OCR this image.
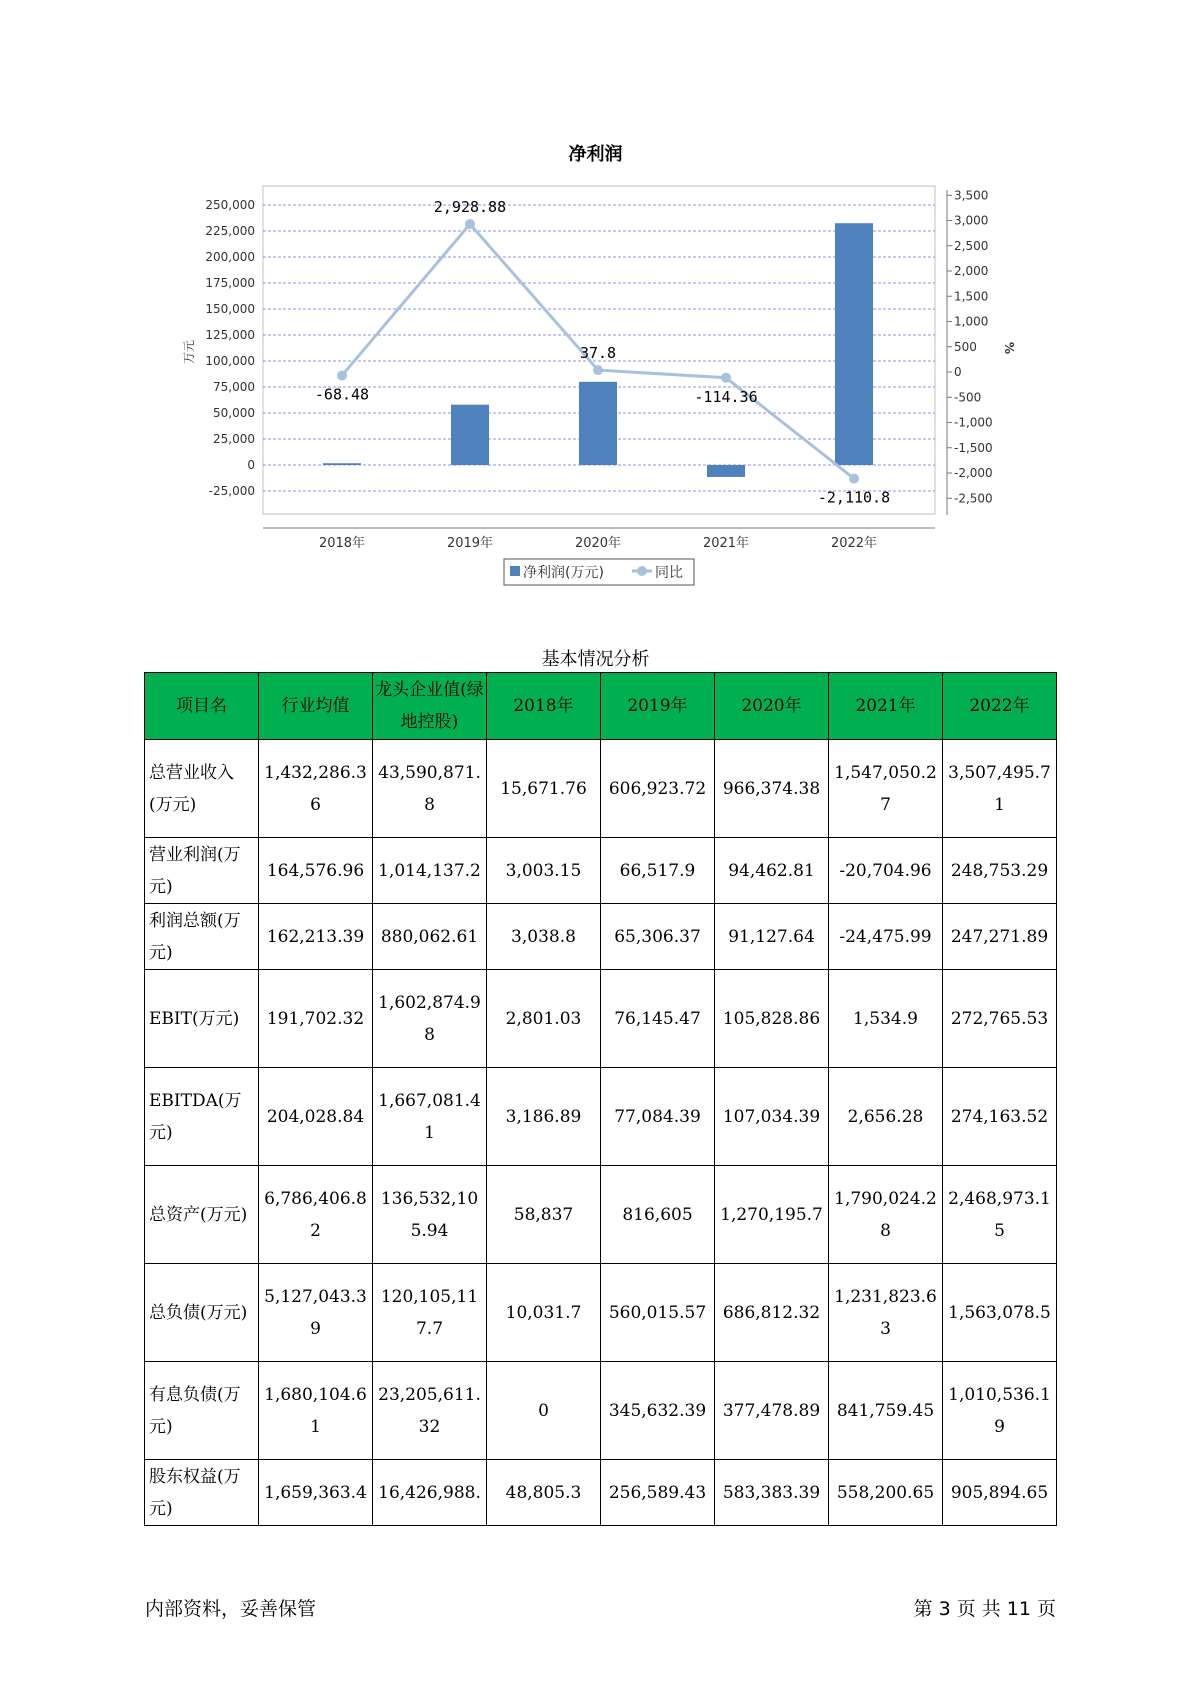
净利润
250,000
225,000
200,000
175,000
150,000
125,000
100,000
75,000
50,000
25,000
0
-25,000
3,500
3,000
2,500
2,000
1,500
1,000
500
0
-500
-1,000
-1,500
-2,000
-2,500
万元	%
2018年	2019年	2020年	2021年	2022年
-68.48
2,928.88
37.8
-114.36
-2,110.8
净利润(万元)	同比
基本情况分析
项目名	行业均值	龙头企业值(绿地控股)	2018年	2019年	2020年	2021年	2022年
总营业收入(万元)	1,432,286.36	43,590,871.8	15,671.76	606,923.72	966,374.38	1,547,050.27	3,507,495.71
营业利润(万元)	164,576.96	1,014,137.2	3,003.15	66,517.9	94,462.81	-20,704.96	248,753.29
利润总额(万元)	162,213.39	880,062.61	3,038.8	65,306.37	91,127.64	-24,475.99	247,271.89
EBIT(万元)	191,702.32	1,602,874.98	2,801.03	76,145.47	105,828.86	1,534.9	272,765.53
EBITDA(万元)	204,028.84	1,667,081.41	3,186.89	77,084.39	107,034.39	2,656.28	274,163.52
总资产(万元)	6,786,406.82	136,532,105.94	58,837	816,605	1,270,195.7	1,790,024.28	2,468,973.15
总负债(万元)	5,127,043.39	120,105,117.7	10,031.7	560,015.57	686,812.32	1,231,823.63	1,563,078.5
有息负债(万元)	1,680,104.61	23,205,611.32	0	345,632.39	377,478.89	841,759.45	1,010,536.19
股东权益(万元)	1,659,363.4	16,426,988.	48,805.3	256,589.43	583,383.39	558,200.65	905,894.65
内部资料，妥善保管	第 3 页 共 11 页
